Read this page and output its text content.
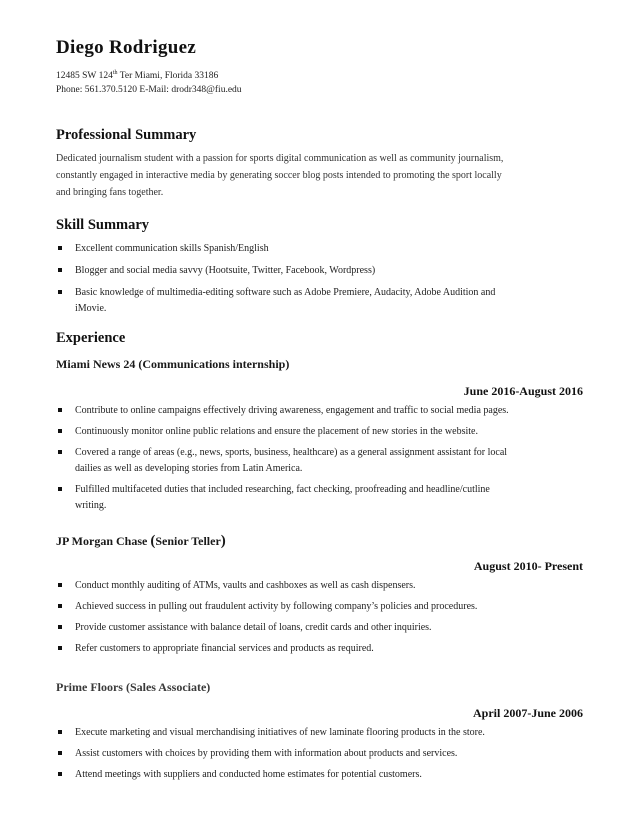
Diego Rodriguez
12485 SW 124th Ter Miami, Florida 33186
Phone: 561.370.5120 E-Mail: drodr348@fiu.edu
Professional Summary

Dedicated journalism student with a passion for sports digital communication as well as community journalism,

constantly engaged in interactive media by generating soccer blog posts intended to promoting the sport locally

and bringing fans together.

Skill Summary
Excellent communication skills Spanish/English
Blogger and social media savvy (Hootsuite, Twitter, Facebook, Wordpress)
Basic knowledge of multimedia-editing software such as Adobe Premiere, Audacity, Adobe Audition and
iMovie.
Experience

Miami News 24 (Communications internship)

June 2016-August 2016

Contribute to online campaigns effectively driving awareness, engagement and traffic to social media pages.
Continuously monitor online public relations and ensure the placement of new stories in the website.
Covered a range of areas (e.g., news, sports, business, healthcare) as a general assignment assistant for local
dailies as well as developing stories from Latin America.
Fulfilled multifaceted duties that included researching, fact checking, proofreading and headline/cutline
writing.

JP Morgan Chase (Senior Teller)

August 2010- Present

Conduct monthly auditing of ATMs, vaults and cashboxes as well as cash dispensers.
Achieved success in pulling out fraudulent activity by following company’s policies and procedures.
Provide customer assistance with balance detail of loans, credit cards and other inquiries.
Refer customers to appropriate financial services and products as required.

Prime Floors (Sales Associate)

April 2007-June 2006

Execute marketing and visual merchandising initiatives of new laminate flooring products in the store.
Assist customers with choices by providing them with information about products and services.
Attend meetings with suppliers and conducted home estimates for potential customers.
